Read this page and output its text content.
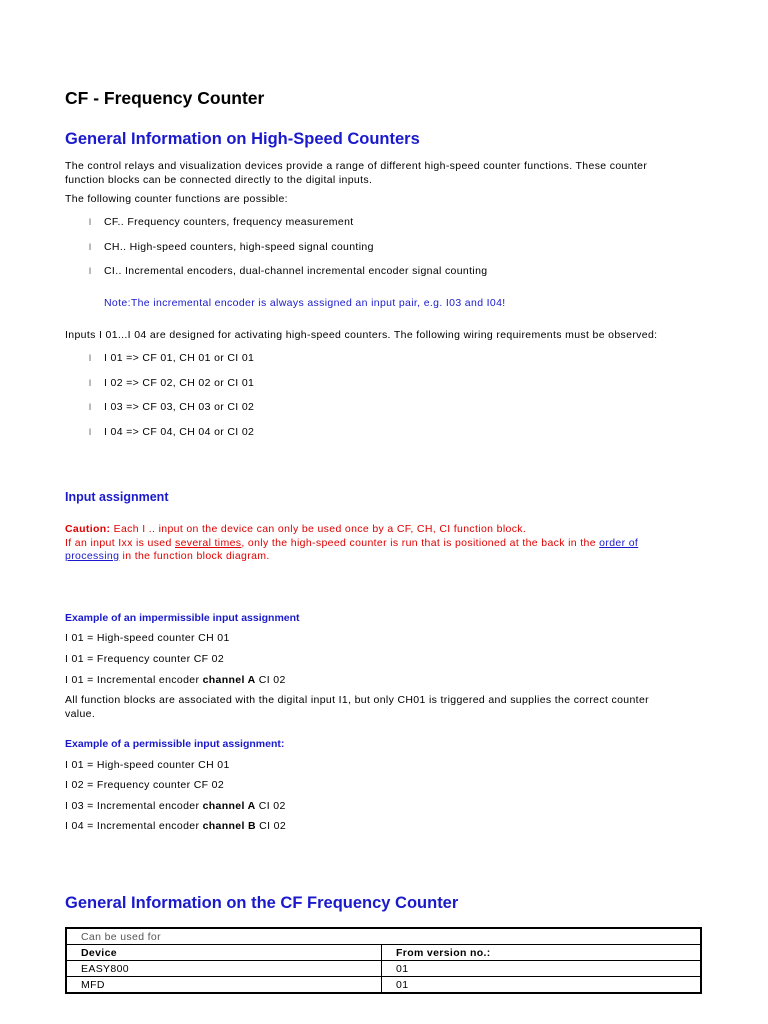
CF - Frequency Counter
General Information on High-Speed Counters
The control relays and visualization devices provide a range of different high-speed counter functions. These counter
function blocks can be connected directly to the digital inputs.
The following counter functions are possible:
l CF.. Frequency counters, frequency measurement
l CH.. High-speed counters, high-speed signal counting
l CI.. Incremental encoders, dual-channel incremental encoder signal counting
Note:The incremental encoder is always assigned an input pair, e.g. I03 and I04!
Inputs I 01...I 04 are designed for activating high-speed counters. The following wiring requirements must be observed:
l I 01 => CF 01, CH 01 or CI 01
l I 02 => CF 02, CH 02 or CI 01
l I 03 => CF 03, CH 03 or CI 02
l I 04 => CF 04, CH 04 or CI 02
Input assignment
Caution: Each I .. input on the device can only be used once by a CF, CH, CI function block.
If an input Ixx is used several times, only the high-speed counter is run that is positioned at the back in the order of
processing in the function block diagram.
Example of an impermissible input assignment
I 01 = High-speed counter CH 01
I 01 = Frequency counter CF 02
I 01 = Incremental encoder channel A CI 02
All function blocks are associated with the digital input I1, but only CH01 is triggered and supplies the correct counter
value.
Example of a permissible input assignment:
I 01 = High-speed counter CH 01
I 02 = Frequency counter CF 02
I 03 = Incremental encoder channel A CI 02
I 04 = Incremental encoder channel B CI 02
General Information on the CF Frequency Counter
Can be used for	
Device	From version no.:
EASY800	01
MFD	01
